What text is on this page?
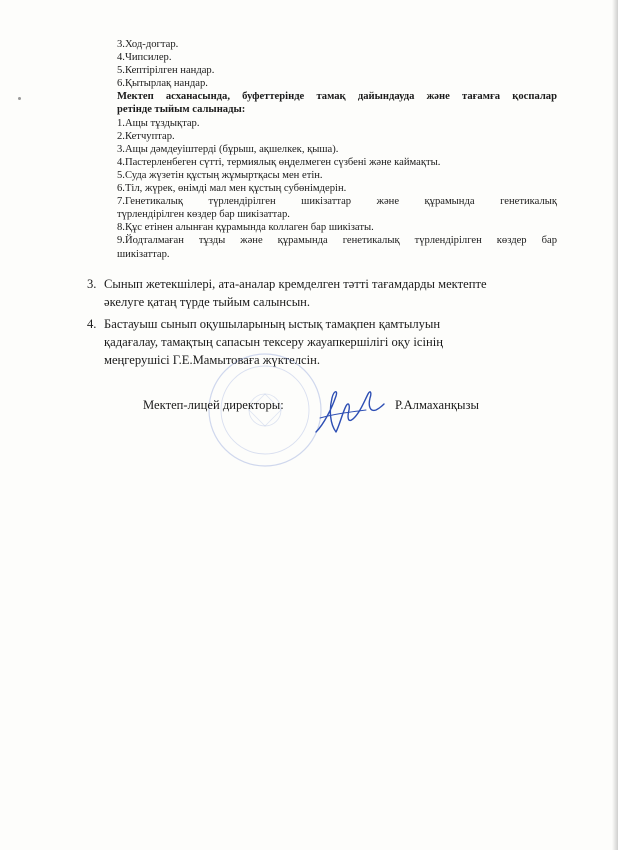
3.Ход-догтар.
4.Чипсилер.
5.Кептірілген нандар.
6.Қытырлақ нандар.
Мектеп асханасында, буфеттерінде тамақ дайындауда және тағамға қоспалар
ретінде тыйым салынады:
1.Ащы тұздықтар.
2.Кетчуптар.
3.Ащы дәмдеуіштерді (бұрыш, ақшелкек, қыша).
4.Пастерленбеген сүтті, термиялық өңделмеген сүзбені және каймақты.
5.Суда жүзетін құстың жұмыртқасы мен етін.
6.Тіл, жүрек, өнімді мал мен құстың субөнімдерін.
7.Генетикалық түрлендірілген шикізаттар және құрамында генетикалық
түрлендірілген көздер бар шикізаттар.
8.Құс етінен алынған құрамында коллаген бар шикізаты.
9.Йодталмаған тұзды және құрамында генетикалық түрлендірілген көздер бар
шикізаттар.
3. Сынып жетекшілері, ата-аналар кремделген тәтті тағамдарды мектепте
әкелуге қатаң түрде тыйым салынсын.
4. Бастауыш сынып оқушыларының ыстық тамақпен қамтылуын
қадағалау, тамақтың сапасын тексеру жауапкершілігі оқу ісінің
меңгерушісі Г.Е.Мамытоваға жүктелсін.
Мектеп-лицей директоры:	Р.Алмаханқызы
